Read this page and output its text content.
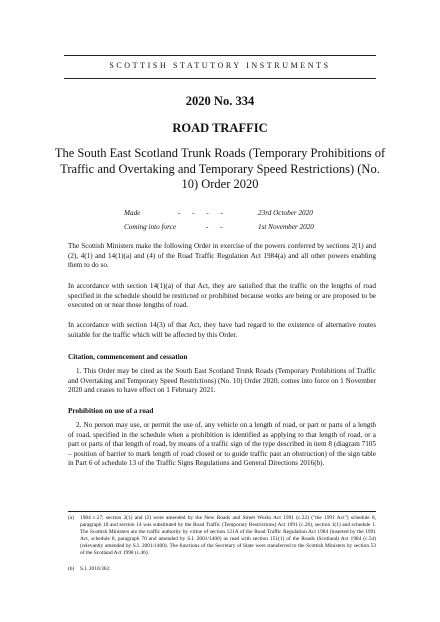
SCOTTISH STATUTORY INSTRUMENTS
2020 No. 334
ROAD TRAFFIC
The South East Scotland Trunk Roads (Temporary Prohibitions of Traffic and Overtaking and Temporary Speed Restrictions) (No. 10) Order 2020
Made	- - - -	23rd October 2020
Coming into force	- -	1st November 2020
The Scottish Ministers make the following Order in exercise of the powers conferred by sections 2(1) and (2), 4(1) and 14(1)(a) and (4) of the Road Traffic Regulation Act 1984(a) and all other powers enabling them to do so.
In accordance with section 14(1)(a) of that Act, they are satisfied that the traffic on the lengths of road specified in the schedule should be restricted or prohibited because works are being or are proposed to be executed on or near those lengths of road.
In accordance with section 14(3) of that Act, they have had regard to the existence of alternative routes suitable for the traffic which will be affected by this Order.
Citation, commencement and cessation
1. This Order may be cited as the South East Scotland Trunk Roads (Temporary Prohibitions of Traffic and Overtaking and Temporary Speed Restrictions) (No. 10) Order 2020, comes into force on 1 November 2020 and ceases to have effect on 1 February 2021.
Prohibition on use of a road
2. No person may use, or permit the use of, any vehicle on a length of road, or part or parts of a length of road, specified in the schedule when a prohibition is identified as applying to that length of road, or a part or parts of that length of road, by means of a traffic sign of the type described in item 8 (diagram 7105 – position of barrier to mark length of road closed or to guide traffic past an obstruction) of the sign table in Part 6 of schedule 13 of the Traffic Signs Regulations and General Directions 2016(b).
(a) 1984 c.27; section 2(1) and (2) were amended by the New Roads and Street Works Act 1991 (c.22) ("the 1991 Act") schedule 8, paragraph 18 and section 14 was substituted by the Road Traffic (Temporary Restrictions) Act 1991 (c.26), section 1(1) and schedule 1. The Scottish Ministers are the traffic authority by virtue of section 121A of the Road Traffic Regulation Act 1984 (inserted by the 1991 Act, schedule 8, paragraph 70 and amended by S.I. 2001/1400) as read with section 151(1) of the Roads (Scotland) Act 1984 (c.54) (relevantly amended by S.I. 2001/1400). The functions of the Secretary of State were transferred to the Scottish Ministers by section 53 of the Scotland Act 1998 (c.46).
(b) S.I. 2016/362.
